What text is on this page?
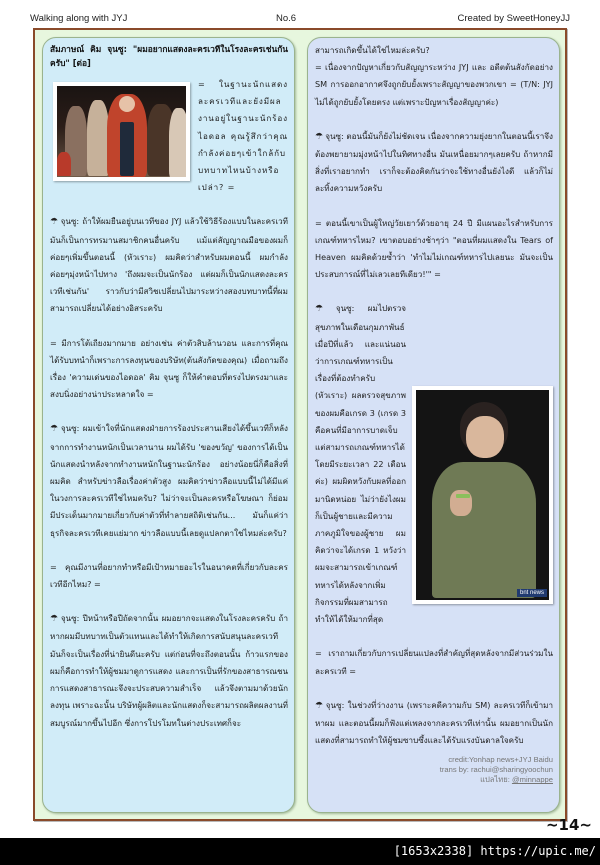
Walking along with JYJ	No.6	Created by SweetHoneyJJ
สัมภาษณ์ คิม จุนซู: "ผมอยากแสดงละครเวทีในโรงละครเช่นกันครับ" [ต่อ]
= ในฐานะนักแสดงละครเวทีและยังมีผลงานอยู่ในฐานะนักร้องไอดอล คุณรู้สึกว่าคุณกำลังค่อยๆเข้าใกล้กับบทบาทไหนบ้างหรือเปล่า? =
☂ จุนซู: ถ้าให้ผมยืนอยู่บนเวทีของ JYJ แล้วใช้วิธีร้องแบบในละครเวที มันก็เป็นการทรมานสมาชิกคนอื่นครับ แม้แต่สัญญาณมือของผมก็ค่อยๆเพิ่มขึ้นตอนนี้ (หัวเราะ) ผมคิดว่าสำหรับผมตอนนี้ ผมกำลังค่อยๆมุ่งหน้าไปทาง 'ถึงผมจะเป็นนักร้อง แต่ผมก็เป็นนักแสดงละครเวทีเช่นกัน' ราวกับว่ามีสวิชเปลี่ยนไปมาระหว่างสองบทบาทนี้ที่ผมสามารถเปลี่ยนได้อย่างอิสระครับ
= มีการโต้เถียงมากมาย อย่างเช่น ค่าตัวสิบล้านวอน และการที่คุณได้รับบทนำก็เพราะการลงทุนของบริษัท(ต้นสังกัดของคุณ) เมื่อถามถึงเรื่อง 'ความเด่นของไอดอล' คิม จุนซู ก็ให้คำตอบที่ตรงไปตรงมาและสงบนิ่งอย่างน่าประหลาดใจ =
☂ จุนซู: ผมเข้าใจที่นักแสดงฝ่ายการร้องประสานเสียงได้ขึ้นเวทีก็หลังจากการทำงานหนักเป็นเวลานาน ผมได้รับ 'ของขวัญ' ของการได้เป็นนักแสดงนำหลังจากทำงานหนักในฐานะนักร้อง อย่างน้อยนี่ก็คือสิ่งที่ผมคิด สำหรับข่าวลือเรื่องค่าตัวสูง ผมคิดว่าข่าวลือแบบนี้ไม่ได้มีแค่ในวงการละครเวทีใช่ไหมครับ? ไม่ว่าจะเป็นละครหรือโฆษณา ก็ย่อมมีประเด็นมากมายเกี่ยวกับค่าตัวที่ทำลายสถิติเช่นกัน... มันก็แค่ว่า ธุรกิจละครเวทีเคยแย่มาก ข่าวลือแบบนี้เลยดูแปลกตาใช่ไหมล่ะครับ?
= คุณมีงานที่อยากทำหรือมีเป้าหมายอะไรในอนาคตที่เกี่ยวกับละครเวทีอีกไหม? =
☂ จุนซู: ปีหน้าหรือปีถัดจากนั้น ผมอยากจะแสดงในโรงละครครับ ถ้าหากผมมีบทบาทเป็นตัวแทนและได้ทำให้เกิดการสนับสนุนละครเวที มันก็จะเป็นเรื่องที่น่ายินดีนะครับ แต่ก่อนที่จะถึงตอนนั้น ก้าวแรกของผมก็คือการทำให้ผู้ชมมาดูการแสดง และการเป็นที่รักของสาธารณชน การแสดงสาธารณะจึงจะประสบความสำเร็จ แล้วจึงตามมาด้วยนักลงทุน เพราะฉะนั้น บริษัทผู้ผลิตและนักแสดงก็จะสามารถผลิตผลงานที่สมบูรณ์มากขึ้นไปอีก ซึ่งการโปรโมทในต่างประเทศก็จะ
สามารถเกิดขึ้นได้ใช่ไหมล่ะครับ?
= เนื่องจากปัญหาเกี่ยวกับสัญญาระหว่าง JYJ และ อดีตต้นสังกัดอย่าง SM การออกอากาศจึงถูกยับยั้งเพราะสัญญาของพวกเขา = (T/N: JYJ ไม่ได้ถูกยับยั้งโดยตรง แต่เพราะปัญหาเรื่องสัญญาค่ะ)
☂ จุนซู: ตอนนี้มันก็ยังไม่ชัดเจน เนื่องจากความยุ่งยากในตอนนี้เราจึงต้องพยายามมุ่งหน้าไปในทิศทางอื่น มันเหนื่อยมากๆเลยครับ ถ้าหากมีสิ่งที่เราอยากทำ เราก็จะต้องคิดกันว่าจะใช้ทางอื่นยังไงดี แล้วก็ไม่ละทิ้งความหวังครับ
= ตอนนี้เขาเป็นผู้ใหญ่วัยเยาว์ด้วยอายุ 24 ปี มีแผนอะไรสำหรับการเกณฑ์ทหารไหม? เขาตอบอย่างช้าๆว่า "ตอนที่ผมแสดงใน Tears of Heaven ผมคิดด้วยซ้ำว่า 'ทำไมไม่เกณฑ์ทหารไปเลยนะ มันจะเป็นประสบการณ์ที่ไม่เลวเลยทีเดียว!'" =
bnt news
☂ จุนซู: ผมไปตรวจสุขภาพในเดือนกุมภาพันธ์เมื่อปีที่แล้ว และแน่นอนว่าการเกณฑ์ทหารเป็นเรื่องที่ต้องทำครับ (หัวเราะ) ผลตรวจสุขภาพของผมคือเกรด 3 (เกรด 3 คือคนที่มีอาการบาดเจ็บแต่สามารถเกณฑ์ทหารได้โดยมีระยะเวลา 22 เดือนค่ะ) ผมผิดหวังกับผลที่ออกมานิดหน่อย ไม่ว่ายังไงผมก็เป็นผู้ชายและมีความภาคภูมิใจของผู้ชาย ผมคิดว่าจะได้เกรด 1 หวังว่าผมจะสามารถเข้าเกณฑ์ทหารได้หลังจากเพิ่มกิจกรรมที่ผมสามารถทำให้ได้ให้มากที่สุด
= เราถามเกี่ยวกับการเปลี่ยนแปลงที่สำคัญที่สุดหลังจากมีส่วนร่วมในละครเวที =
☂ จุนซู: ในช่วงที่ว่างงาน (เพราะคดีความกับ SM) ละครเวทีก็เข้ามาหาผม และตอนนี้ผมก็ฟังแต่เพลงจากละครเวทีเท่านั้น ผมอยากเป็นนักแสดงที่สามารถทำให้ผู้ชมซาบซึ้งและได้รับแรงบันดาลใจครับ
credit:Yonhap news+JYJ Baidu
trans by: rachui@sharingyoochun
แปลไทย: @minnappe
~14~
[1653x2338] https://upic.me/
